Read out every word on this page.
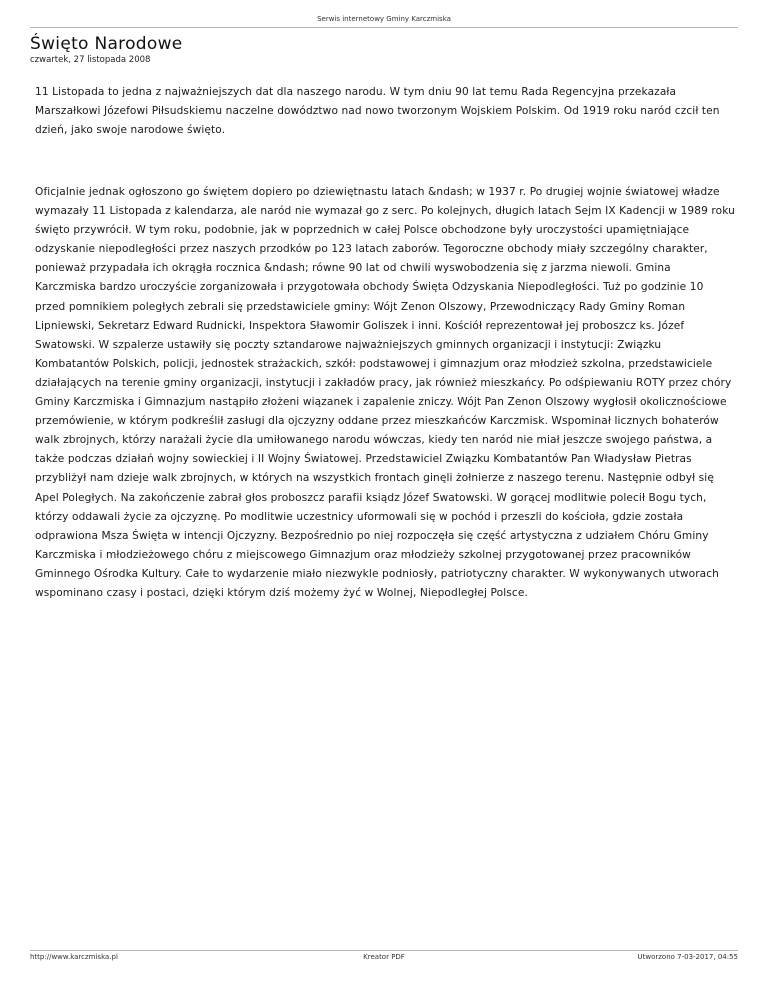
Serwis internetowy Gminy Karczmiska
Święto Narodowe
czwartek, 27 listopada 2008

11 Listopada to jedna z najważniejszych dat dla naszego narodu. W tym dniu 90 lat temu Rada Regencyjna przekazała Marszałkowi Józefowi Piłsudskiemu naczelne dowództwo nad nowo tworzonym Wojskiem Polskim. Od 1919 roku naród czcił ten dzień, jako swoje narodowe święto.

Oficjalnie jednak ogłoszono go świętem dopiero po dziewiętnastu latach &ndash; w 1937 r. Po drugiej wojnie światowej władze wymazały 11 Listopada z kalendarza, ale naród nie wymazał go z serc. Po kolejnych, długich latach Sejm IX Kadencji w 1989 roku święto przywrócił. W tym roku, podobnie, jak w poprzednich w całej Polsce obchodzone były uroczystości upamiętniające odzyskanie niepodległości przez naszych przodków po 123 latach zaborów. Tegoroczne obchody miały szczególny charakter, ponieważ przypadała ich okrągła rocznica &ndash; równe 90 lat od chwili wyswobodzenia się z jarzma niewoli. Gmina Karczmiska bardzo uroczyście zorganizowała i przygotowała obchody Święta Odzyskania Niepodległości. Tuż po godzinie 10 przed pomnikiem poległych zebrali się przedstawiciele gminy: Wójt Zenon Olszowy, Przewodniczący Rady Gminy Roman Lipniewski, Sekretarz Edward Rudnicki, Inspektora Sławomir Goliszek i inni. Kościół reprezentował jej proboszcz ks. Józef Swatowski. W szpalerze ustawiły się poczty sztandarowe najważniejszych gminnych organizacji i instytucji: Związku Kombatantów Polskich, policji, jednostek strażackich, szkół: podstawowej i gimnazjum oraz młodzież szkolna, przedstawiciele działających na terenie gminy organizacji, instytucji i zakładów pracy, jak również mieszkańcy. Po odśpiewaniu ROTY przez chóry Gminy Karczmiska i Gimnazjum nastąpiło złożeni wiązanek i zapalenie zniczy. Wójt Pan Zenon Olszowy wygłosił okolicznościowe przemówienie, w którym podkreślił zasługi dla ojczyzny oddane przez mieszkańców Karczmisk. Wspominał licznych bohaterów walk zbrojnych, którzy narażali życie dla umiłowanego narodu wówczas, kiedy ten naród nie miał jeszcze swojego państwa, a także podczas działań wojny sowieckiej i II Wojny Światowej. Przedstawiciel Związku Kombatantów Pan Władysław Pietras przybliżył nam dzieje walk zbrojnych, w których na wszystkich frontach ginęli żołnierze z naszego terenu. Następnie odbył się Apel Poległych. Na zakończenie zabrał głos proboszcz parafii ksiądz Józef Swatowski. W gorącej modlitwie polecił Bogu tych, którzy oddawali życie za ojczyznę. Po modlitwie uczestnicy uformowali się w pochód i przeszli do kościoła, gdzie została odprawiona Msza Święta w intencji Ojczyzny. Bezpośrednio po niej rozpoczęła się część artystyczna z udziałem Chóru Gminy Karczmiska i młodzieżowego chóru z miejscowego Gimnazjum oraz młodzieży szkolnej przygotowanej przez pracowników Gminnego Ośrodka Kultury. Całe to wydarzenie miało niezwykle podniosły, patriotyczny charakter. W wykonywanych utworach wspominano czasy i postaci, dzięki którym dziś możemy żyć w Wolnej, Niepodległej Polsce.

http://www.karczmiska.pl	Kreator PDF	Utworzono 7-03-2017, 04:55
